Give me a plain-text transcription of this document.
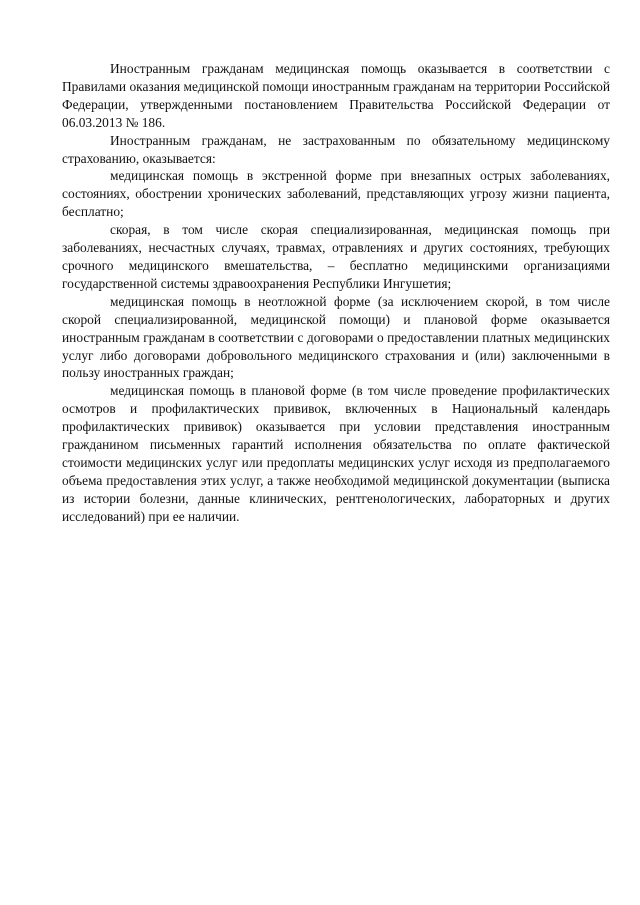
Иностранным гражданам медицинская помощь оказывается в соответствии с Правилами оказания медицинской помощи иностранным гражданам на территории Российской Федерации, утвержденными постановлением Правительства Российской Федерации от 06.03.2013 № 186.

Иностранным гражданам, не застрахованным по обязательному медицинскому страхованию, оказывается:

медицинская помощь в экстренной форме при внезапных острых заболеваниях, состояниях, обострении хронических заболеваний, представляющих угрозу жизни пациента, бесплатно;

скорая, в том числе скорая специализированная, медицинская помощь при заболеваниях, несчастных случаях, травмах, отравлениях и других состояниях, требующих срочного медицинского вмешательства, – бесплатно медицинскими организациями государственной системы здравоохранения Республики Ингушетия;

медицинская помощь в неотложной форме (за исключением скорой, в том числе скорой специализированной, медицинской помощи) и плановой форме оказывается иностранным гражданам в соответствии с договорами о предоставлении платных медицинских услуг либо договорами добровольного медицинского страхования и (или) заключенными в пользу иностранных граждан;

медицинская помощь в плановой форме (в том числе проведение профилактических осмотров и профилактических прививок, включенных в Национальный календарь профилактических прививок) оказывается при условии представления иностранным гражданином письменных гарантий исполнения обязательства по оплате фактической стоимости медицинских услуг или предоплаты медицинских услуг исходя из предполагаемого объема предоставления этих услуг, а также необходимой медицинской документации (выписка из истории болезни, данные клинических, рентгенологических, лабораторных и других исследований) при ее наличии.
